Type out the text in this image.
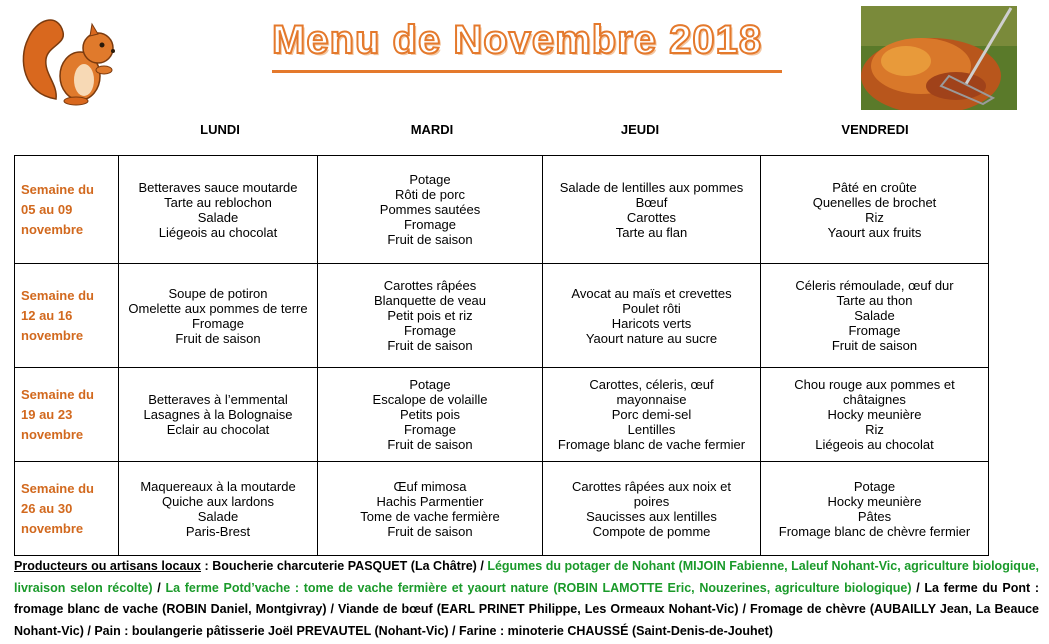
Menu de Novembre 2018
LUNDI	MARDI	JEUDI	VENDREDI
Semaine du
05 au 09
novembre	Betteraves sauce moutarde
Tarte au reblochon
Salade
Liégeois au chocolat	Potage
Rôti de porc
Pommes sautées
Fromage
Fruit de saison	Salade de lentilles aux pommes
Bœuf
Carottes
Tarte au flan	Pâté en croûte
Quenelles de brochet
Riz
Yaourt aux fruits

Semaine du
12 au 16
novembre	Soupe de potiron
Omelette aux pommes de terre
Fromage
Fruit de saison	Carottes râpées
Blanquette de veau
Petit pois et riz
Fromage
Fruit de saison	Avocat au maïs et crevettes
Poulet rôti
Haricots verts
Yaourt nature au sucre	Céleris rémoulade, œuf dur
Tarte au thon
Salade
Fromage
Fruit de saison

Semaine du
19 au 23
novembre	Betteraves à l’emmental
Lasagnes à la Bolognaise
Eclair au chocolat	Potage
Escalope de volaille
Petits pois
Fromage
Fruit de saison	Carottes, céleris, œuf
mayonnaise
Porc demi-sel
Lentilles
Fromage blanc de vache fermier	Chou rouge aux pommes et
châtaignes
Hocky meunière
Riz
Liégeois au chocolat

Semaine du
26 au 30
novembre	Maquereaux à la moutarde
Quiche aux lardons
Salade
Paris-Brest	Œuf mimosa
Hachis Parmentier
Tome de vache fermière
Fruit de saison	Carottes râpées aux noix et
poires
Saucisses aux lentilles
Compote de pomme	Potage
Hocky meunière
Pâtes
Fromage blanc de chèvre fermier
Producteurs ou artisans locaux : Boucherie charcuterie PASQUET (La Châtre) / Légumes du potager de Nohant (MIJOIN Fabienne, Laleuf Nohant-Vic, agriculture biologique, livraison selon récolte) / La ferme Potd’vache : tome de vache fermière et yaourt nature (ROBIN LAMOTTE Eric, Nouzerines, agriculture biologique) / La ferme du Pont : fromage blanc de vache (ROBIN Daniel, Montgivray) / Viande de bœuf (EARL PRINET Philippe, Les Ormeaux Nohant-Vic) / Fromage de chèvre (AUBAILLY Jean, La Beauce Nohant-Vic) / Pain : boulangerie pâtisserie Joël PREVAUTEL (Nohant-Vic) / Farine : minoterie CHAUSSÉ (Saint-Denis-de-Jouhet)
